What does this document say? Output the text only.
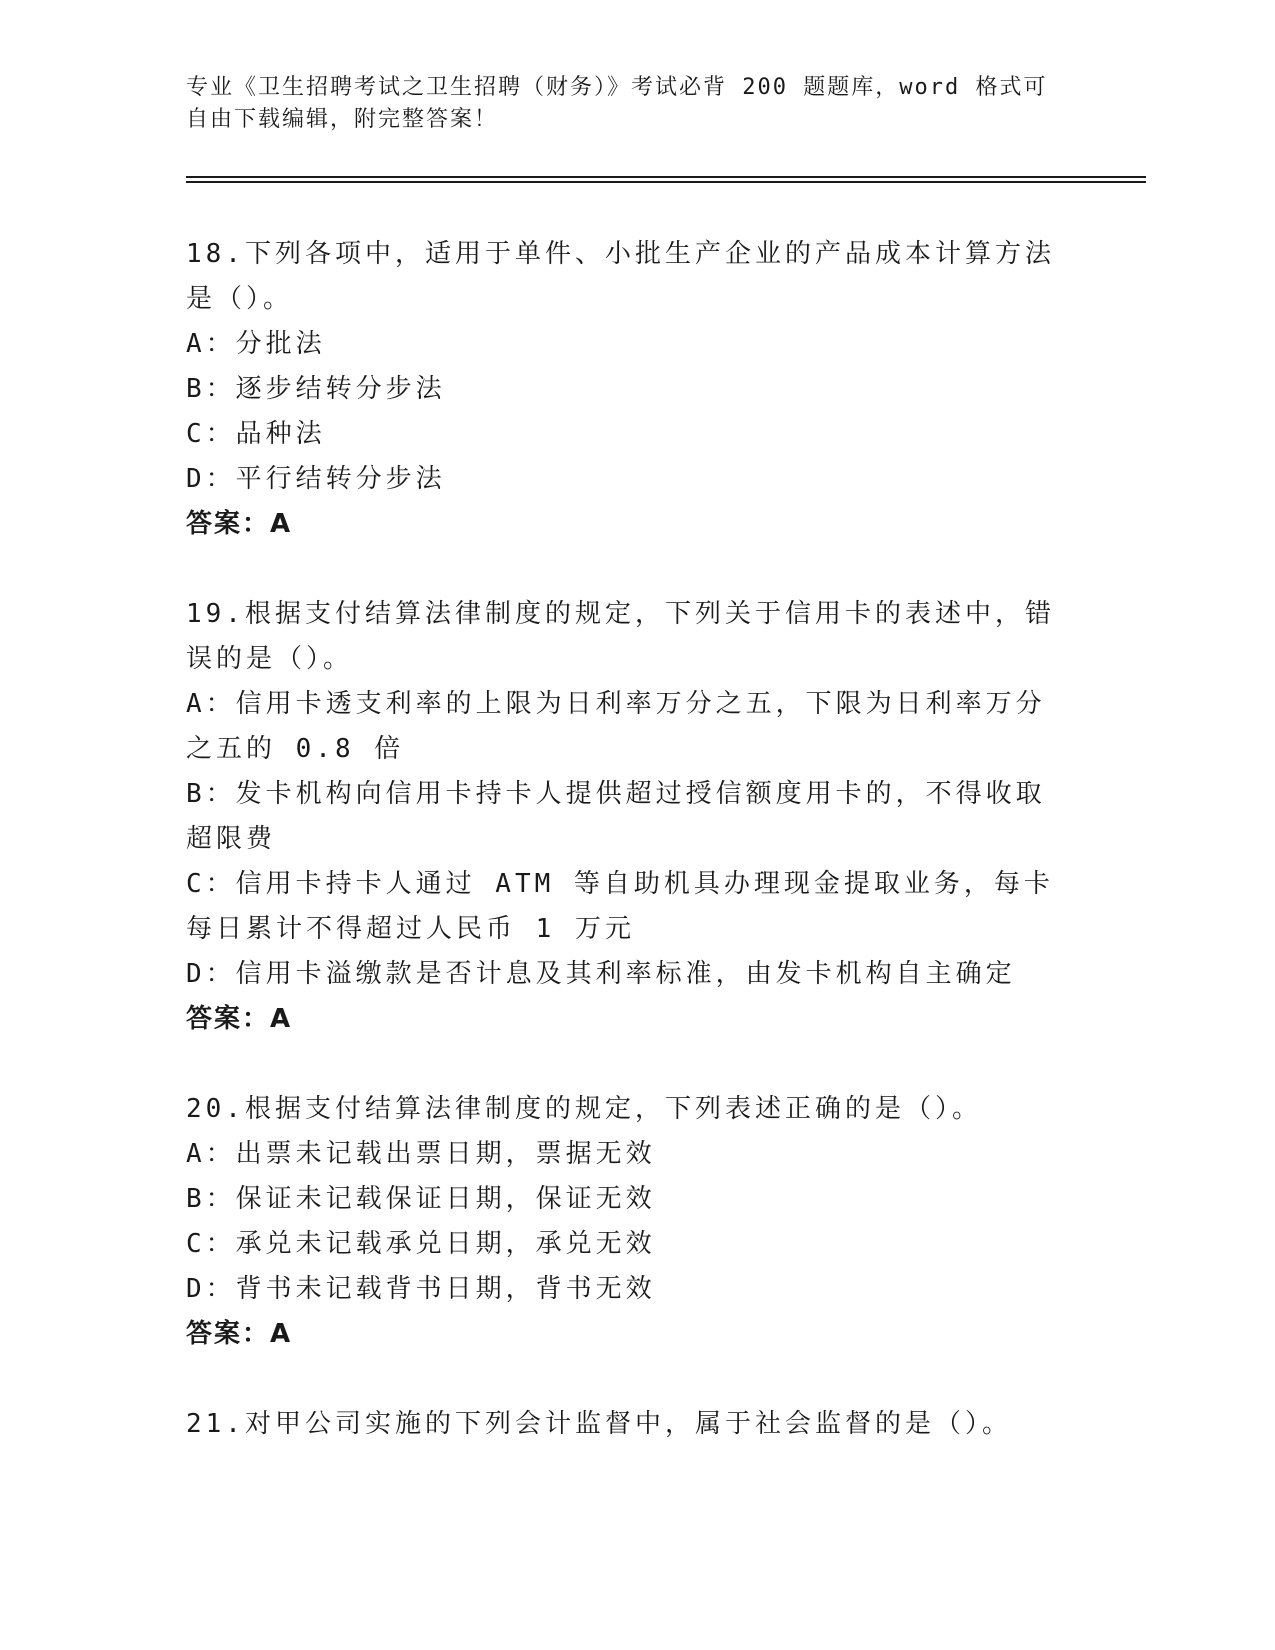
专业《卫生招聘考试之卫生招聘（财务）》考试必背 200 题题库，word 格式可自由下载编辑，附完整答案！

18.下列各项中，适用于单件、小批生产企业的产品成本计算方法是（）。

A：分批法

B：逐步结转分步法

C：品种法

D：平行结转分步法

答案：A

19.根据支付结算法律制度的规定，下列关于信用卡的表述中，错误的是（）。

A：信用卡透支利率的上限为日利率万分之五，下限为日利率万分之五的 0.8 倍

B：发卡机构向信用卡持卡人提供超过授信额度用卡的，不得收取超限费

C：信用卡持卡人通过 ATM 等自助机具办理现金提取业务，每卡每日累计不得超过人民币 1 万元

D：信用卡溢缴款是否计息及其利率标准，由发卡机构自主确定

答案：A

20.根据支付结算法律制度的规定，下列表述正确的是（）。

A：出票未记载出票日期，票据无效

B：保证未记载保证日期，保证无效

C：承兑未记载承兑日期，承兑无效

D：背书未记载背书日期，背书无效

答案：A

21.对甲公司实施的下列会计监督中，属于社会监督的是（）。
